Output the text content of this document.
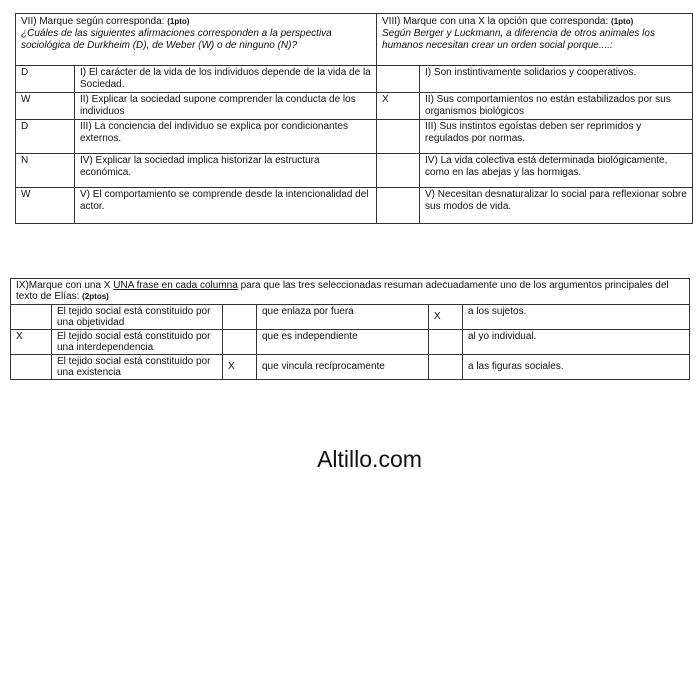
VII) Marque según corresponda: (1pto)
¿Cuáles de las siguientes afirmaciones corresponden a la perspectiva sociológica de Durkheim (D), de Weber (W) o de ninguno (N)?		VIII) Marque con una X la opción que corresponda: (1pto)
Según Berger y Luckmann, a diferencia de otros animales los humanos necesitan crear un orden social porque....:	
D	I) El carácter de la vida de los individuos depende de la vida de la Sociedad.		I) Son instintivamente solidarios y cooperativos.
W	II) Explicar la sociedad supone comprender la conducta de los individuos	X	II) Sus comportamientos no están estabilizados por sus organismos biológicos
D	III) La conciencia del individuo se explica por condicionantes externos.		III) Sus instintos egoístas deben ser reprimidos y regulados por normas.
N	IV) Explicar la sociedad implica historizar la estructura económica.		IV) La vida colectiva está determinada biológicamente, como en las abejas y las hormigas.
W	V) El comportamiento se comprende desde la intencionalidad del actor.		V) Necesitan desnaturalizar lo social para reflexionar sobre sus modos de vida.
IX)Marque con una X UNA frase en cada columna para que las tres seleccionadas resuman adecuadamente uno de los argumentos principales del texto de Elías: (2ptos)					
	El tejido social está constituido por una objetividad		que enlaza por fuera	X	a los sujetos.
X	El tejido social está constituido por una interdependencia		que es independiente		al yo individual.
	El tejido social está constituido por una existencia	X	que vincula recíprocamente		a las figuras sociales.
Altillo.com
